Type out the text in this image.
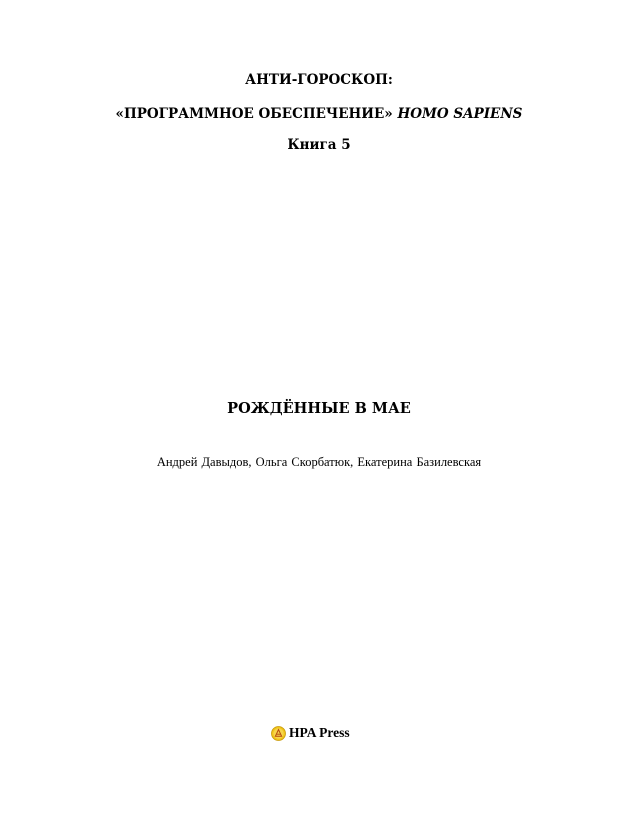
АНТИ-ГОРОСКОП:
«ПРОГРАММНОЕ ОБЕСПЕЧЕНИЕ» HOMO SAPIENS
Книга 5
РОЖДЁННЫЕ В МАЕ
Андрей Давыдов, Ольга Скорбатюк, Екатерина Базилевская
HPA Press
